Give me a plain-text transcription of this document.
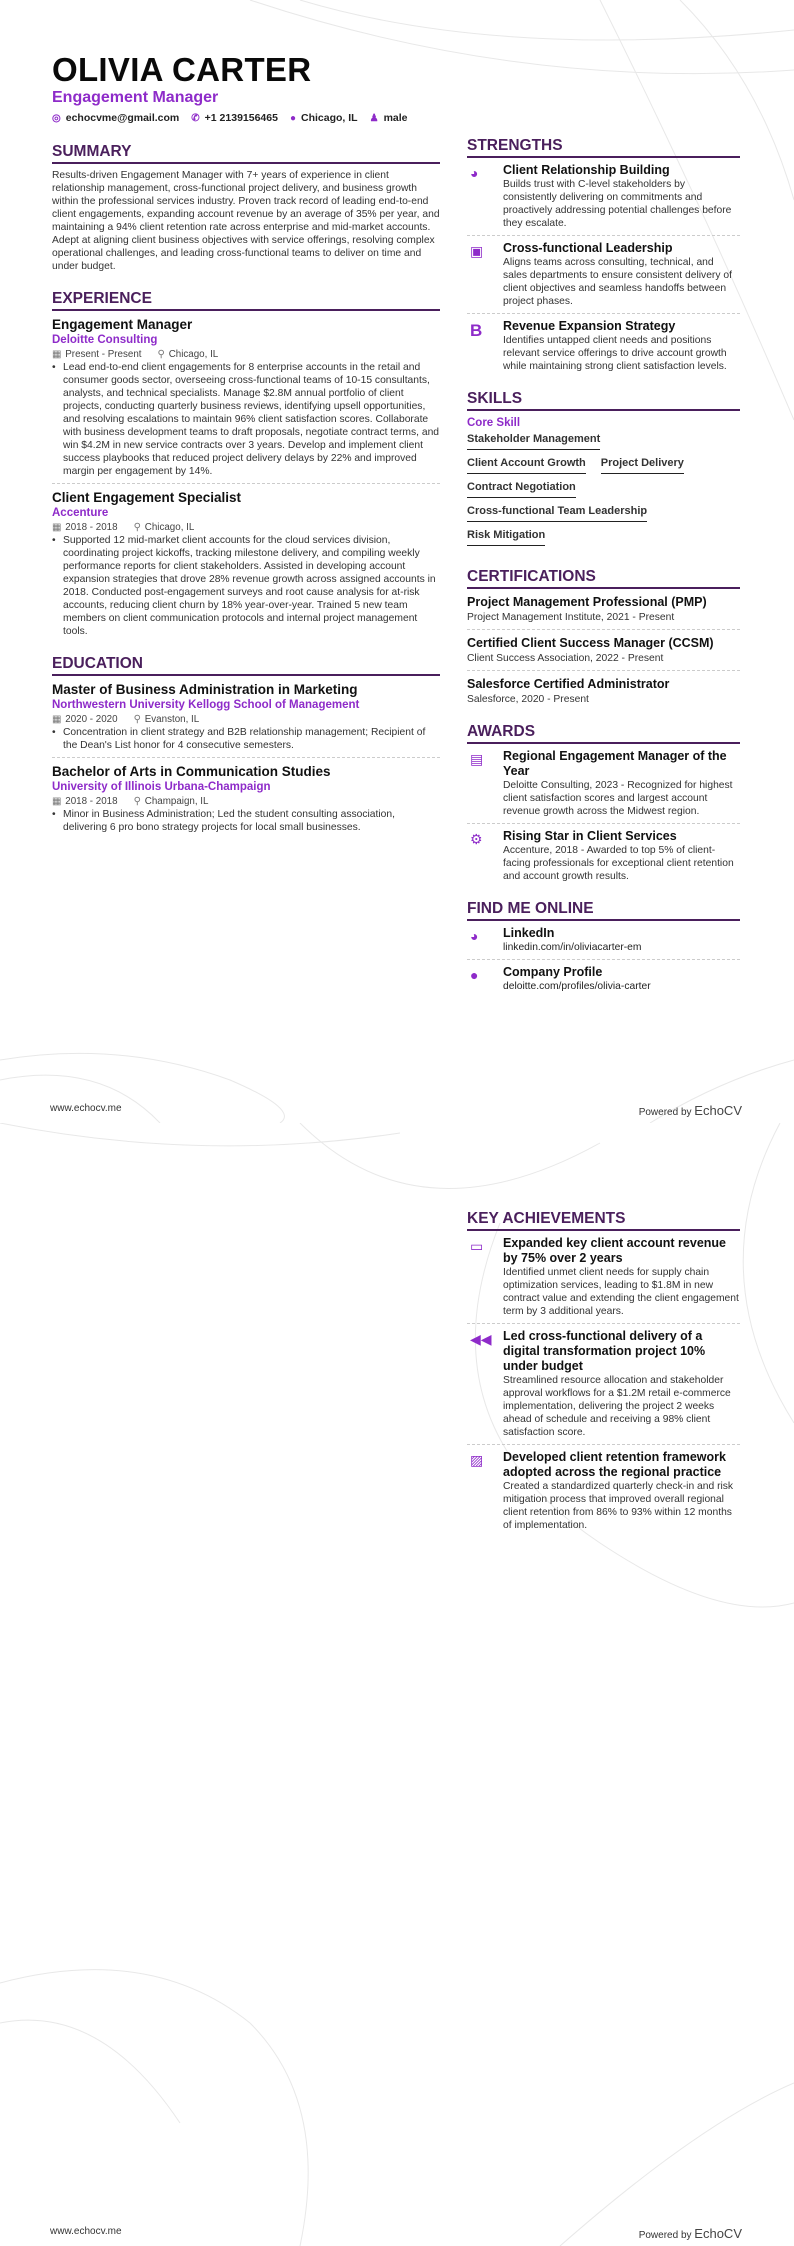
OLIVIA CARTER
Engagement Manager
◎ echocvme@gmail.com ✆ +1 2139156465 ● Chicago, IL ♟ male
SUMMARY
Results-driven Engagement Manager with 7+ years of experience in client relationship management, cross-functional project delivery, and business growth within the professional services industry. Proven track record of leading end-to-end client engagements, expanding account revenue by an average of 35% per year, and maintaining a 94% client retention rate across enterprise and mid-market accounts. Adept at aligning client business objectives with service offerings, resolving complex operational challenges, and leading cross-functional teams to deliver on time and under budget.
EXPERIENCE
Engagement Manager
Deloitte Consulting
▦ Present - Present ⚲ Chicago, IL
• Lead end-to-end client engagements for 8 enterprise accounts in the retail and consumer goods sector, overseeing cross-functional teams of 10-15 consultants, analysts, and technical specialists. Manage $2.8M annual portfolio of client projects, conducting quarterly business reviews, identifying upsell opportunities, and resolving escalations to maintain 96% client satisfaction scores. Collaborate with business development teams to draft proposals, negotiate contract terms, and win $4.2M in new service contracts over 3 years. Develop and implement client success playbooks that reduced project delivery delays by 22% and improved margin per engagement by 14%.
Client Engagement Specialist
Accenture
▦ 2018 - 2018 ⚲ Chicago, IL
• Supported 12 mid-market client accounts for the cloud services division, coordinating project kickoffs, tracking milestone delivery, and compiling weekly performance reports for client stakeholders. Assisted in developing account expansion strategies that drove 28% revenue growth across assigned accounts in 2018. Conducted post-engagement surveys and root cause analysis for at-risk accounts, reducing client churn by 18% year-over-year. Trained 5 new team members on client communication protocols and internal project management tools.
EDUCATION
Master of Business Administration in Marketing
Northwestern University Kellogg School of Management
▦ 2020 - 2020 ⚲ Evanston, IL
• Concentration in client strategy and B2B relationship management; Recipient of the Dean's List honor for 4 consecutive semesters.
Bachelor of Arts in Communication Studies
University of Illinois Urbana-Champaign
▦ 2018 - 2018 ⚲ Champaign, IL
• Minor in Business Administration; Led the student consulting association, delivering 6 pro bono strategy projects for local small businesses.
STRENGTHS
◕	Client Relationship Building
Builds trust with C-level stakeholders by consistently delivering on commitments and proactively addressing potential challenges before they escalate.
▣	Cross-functional Leadership
Aligns teams across consulting, technical, and sales departments to ensure consistent delivery of client objectives and seamless handoffs between project phases.
B	Revenue Expansion Strategy
Identifies untapped client needs and positions relevant service offerings to drive account growth while maintaining strong client satisfaction levels.
SKILLS
Core Skill
Stakeholder Management
Client Account Growth Project Delivery
Contract Negotiation
Cross-functional Team Leadership
Risk Mitigation
CERTIFICATIONS
Project Management Professional (PMP)
Project Management Institute, 2021 - Present
Certified Client Success Manager (CCSM)
Client Success Association, 2022 - Present
Salesforce Certified Administrator
Salesforce, 2020 - Present
AWARDS
▤	Regional Engagement Manager of the Year
Deloitte Consulting, 2023 - Recognized for highest client satisfaction scores and largest account revenue growth across the Midwest region.
⚙	Rising Star in Client Services
Accenture, 2018 - Awarded to top 5% of client-facing professionals for exceptional client retention and account growth results.
FIND ME ONLINE
◕	LinkedIn
linkedin.com/in/oliviacarter-em
●	Company Profile
deloitte.com/profiles/olivia-carter
www.echocv.me	Powered by EchoCV
KEY ACHIEVEMENTS
▭	Expanded key client account revenue by 75% over 2 years
Identified unmet client needs for supply chain optimization services, leading to $1.8M in new contract value and extending the client engagement term by 3 additional years.
◀◀ Led cross-functional delivery of a digital transformation project 10% under budget
Streamlined resource allocation and stakeholder approval workflows for a $1.2M retail e-commerce implementation, delivering the project 2 weeks ahead of schedule and receiving a 98% client satisfaction score.
▨	Developed client retention framework adopted across the regional practice
Created a standardized quarterly check-in and risk mitigation process that improved overall regional client retention from 86% to 93% within 12 months of implementation.
www.echocv.me	Powered by EchoCV
